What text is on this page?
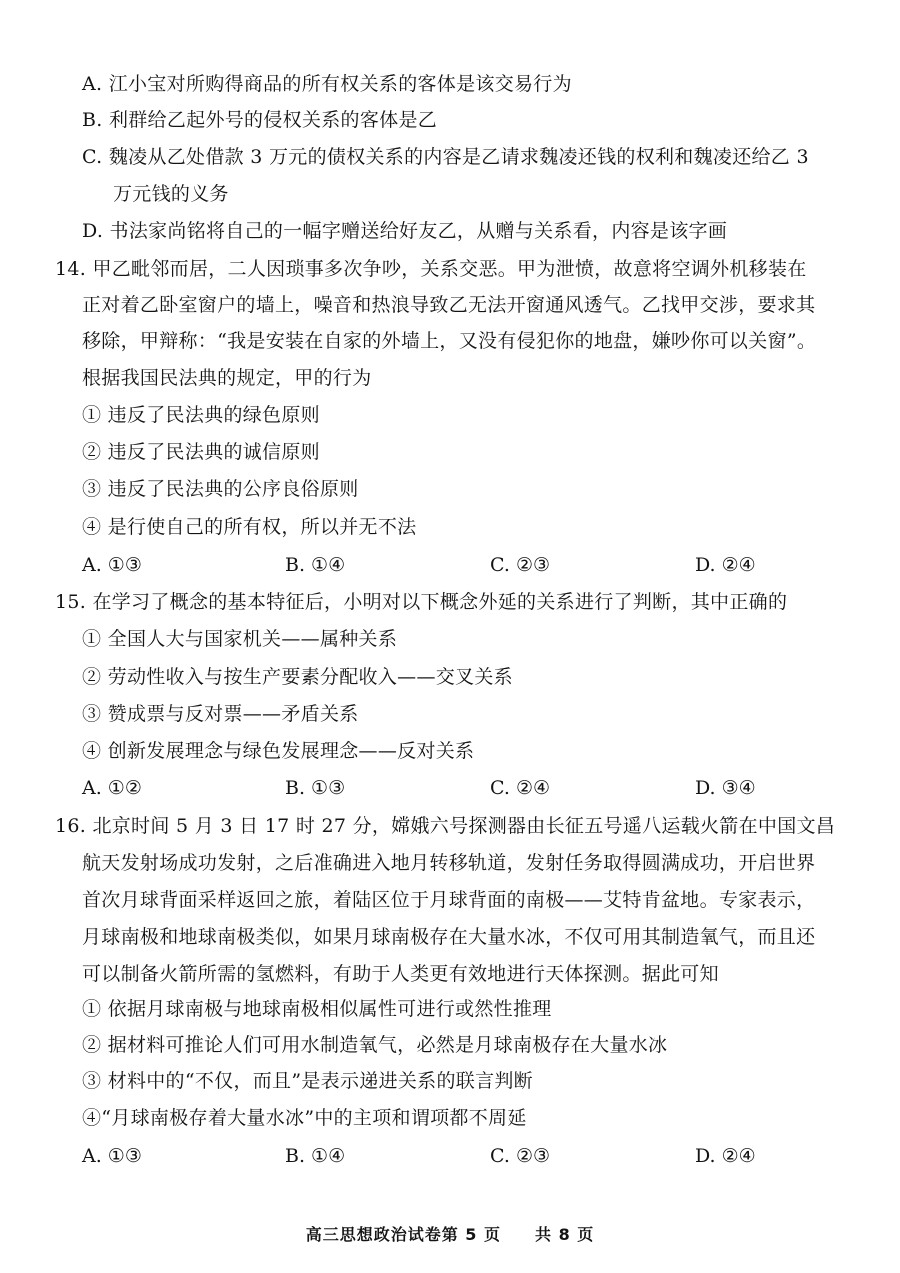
A. 江小宝对所购得商品的所有权关系的客体是该交易行为
B. 利群给乙起外号的侵权关系的客体是乙
C. 魏凌从乙处借款 3 万元的债权关系的内容是乙请求魏凌还钱的权利和魏凌还给乙 3
万元钱的义务
D. 书法家尚铭将自己的一幅字赠送给好友乙，从赠与关系看，内容是该字画
14. 甲乙毗邻而居，二人因琐事多次争吵，关系交恶。甲为泄愤，故意将空调外机移装在
正对着乙卧室窗户的墙上，噪音和热浪导致乙无法开窗通风透气。乙找甲交涉，要求其
移除，甲辩称：“我是安装在自家的外墙上，又没有侵犯你的地盘，嫌吵你可以关窗”。
根据我国民法典的规定，甲的行为
① 违反了民法典的绿色原则
② 违反了民法典的诚信原则
③ 违反了民法典的公序良俗原则
④ 是行使自己的所有权，所以并无不法
A. ①③	B. ①④	C. ②③	D. ②④
15. 在学习了概念的基本特征后，小明对以下概念外延的关系进行了判断，其中正确的
① 全国人大与国家机关——属种关系
② 劳动性收入与按生产要素分配收入——交叉关系
③ 赞成票与反对票——矛盾关系
④ 创新发展理念与绿色发展理念——反对关系
A. ①②	B. ①③	C. ②④	D. ③④
16. 北京时间 5 月 3 日 17 时 27 分，嫦娥六号探测器由长征五号遥八运载火箭在中国文昌
航天发射场成功发射，之后准确进入地月转移轨道，发射任务取得圆满成功，开启世界
首次月球背面采样返回之旅，着陆区位于月球背面的南极——艾特肯盆地。专家表示，
月球南极和地球南极类似，如果月球南极存在大量水冰，不仅可用其制造氧气，而且还
可以制备火箭所需的氢燃料，有助于人类更有效地进行天体探测。据此可知
① 依据月球南极与地球南极相似属性可进行或然性推理
② 据材料可推论人们可用水制造氧气，必然是月球南极存在大量水冰
③ 材料中的“不仅，而且”是表示递进关系的联言判断
④“月球南极存着大量水冰”中的主项和谓项都不周延
A. ①③	B. ①④	C. ②③	D. ②④
高三思想政治试卷第 5 页　　共 8 页
